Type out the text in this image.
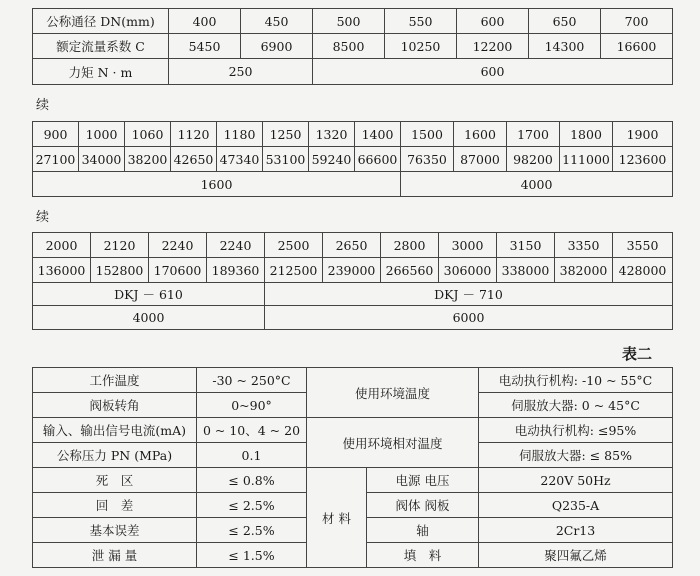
公称通径 DN(mm)	400	450	500	550	600	650	700
额定流量系数 C	5450	6900	8500	10250	12200	14300	16600
力矩 N · m	250		600				
续
900	1000	1060	1120	1180	1250	1320	1400	1500	1600	1700	1800	1900
27100	34000	38200	42650	47340	53100	59240	66600	76350	87000	98200	111000	123600
1600								4000				
续
2000	2120	2240	2240	2500	2650	2800	3000	3150	3350	3550
136000	152800	170600	189360	212500	239000	266560	306000	338000	382000	428000
DKJ － 610				DKJ － 710						
4000				6000						
表二
工作温度	-30 ~ 250°C	使用环境温度		电动执行机构: -10 ~ 55°C
阀板转角	0~90°			伺服放大器: 0 ~ 45°C
输入、输出信号电流(mA)	0 ~ 10、4 ~ 20	使用环境相对温度		电动执行机构: ≤95%
公称压力 PN (MPa)	0.1			伺服放大器: ≤ 85%
死　区	≤ 0.8%	材 料	电源 电压	220V 50Hz
回　差	≤ 2.5%		阀体 阀板	Q235-A
基本误差	≤ 2.5%		轴	2Cr13
泄 漏 量	≤ 1.5%		填　料	聚四氟乙烯
